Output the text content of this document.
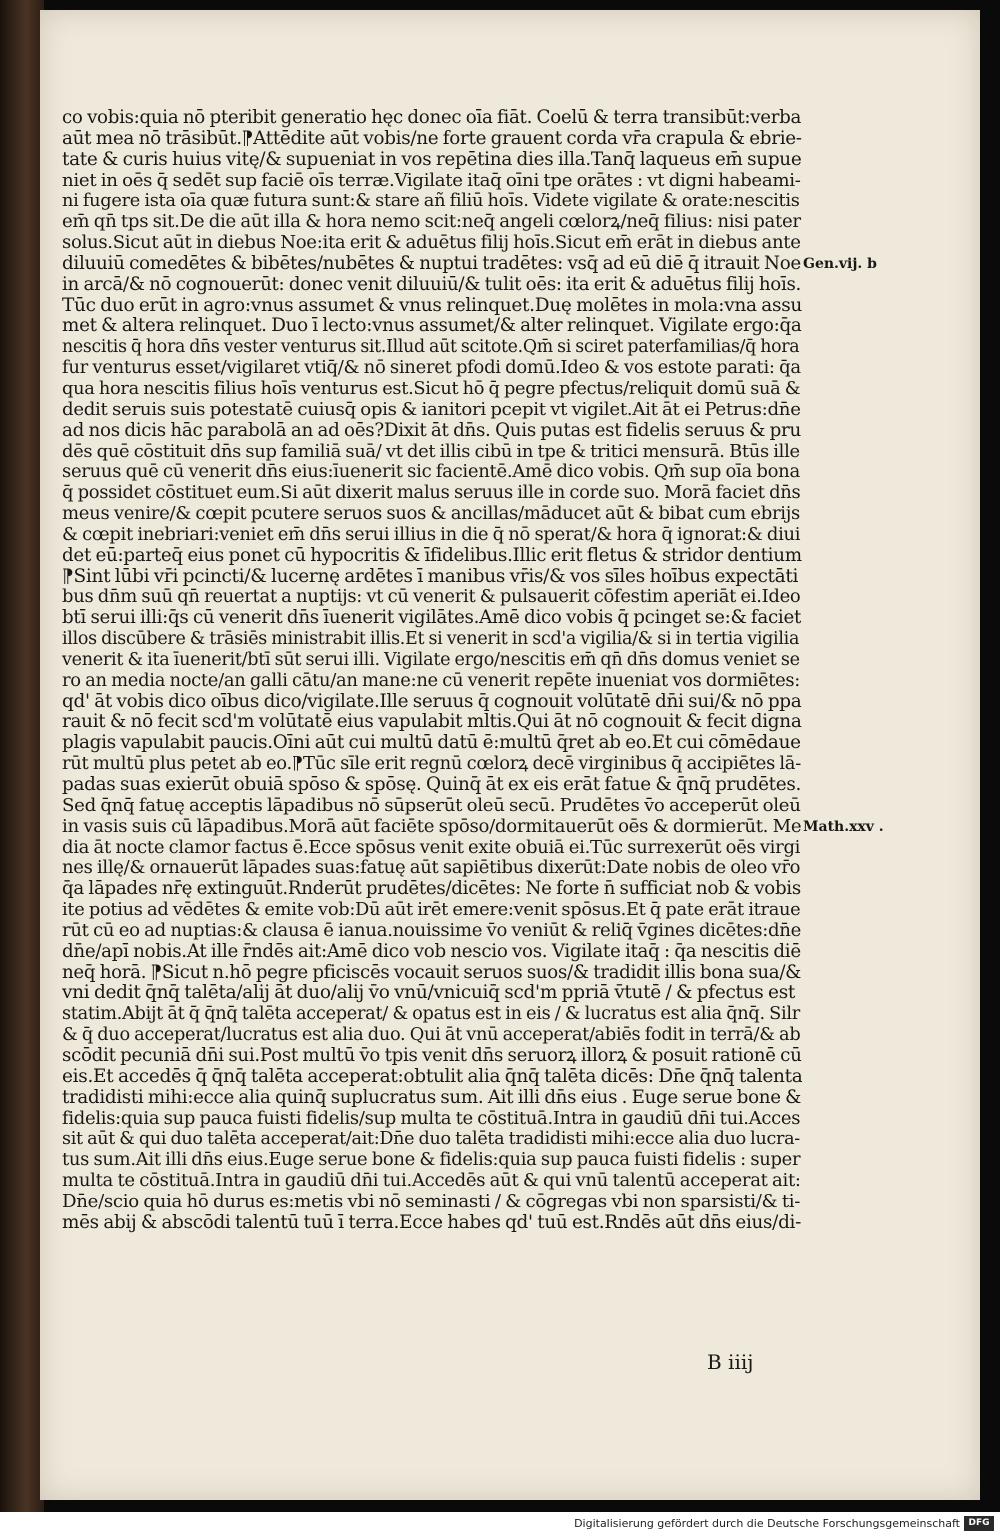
co vobis:quia nō pteribit generatio hęc donec oīa fiāt. Coelū & terra transibūt:verba
aūt mea nō trāsibūt.⁋Attēdite aūt vobis/ne forte grauent corda vr̄a crapula & ebrie-
tate & curis huius vitę/& supueniat in vos repētina dies illa.Tanq̄ laqueus em̄ supue
niet in oēs q̄ sedēt sup faciē oīs terræ.Vigilate itaq̄ oīni tpe orātes : vt digni habeami-
ni fugere ista oīa quæ futura sunt:& stare añ filiū hoīs. Videte vigilate & orate:nescitis
em̄ qn̄ tps sit.De die aūt illa & hora nemo scit:neq̄ angeli cœlorꝝ/neq̄ filius: nisi pater
solus.Sicut aūt in diebus Noe:ita erit & aduētus filij hoīs.Sicut em̄ erāt in diebus ante
diluuiū comedētes & bibētes/nubētes & nuptui tradētes: vsq̄ ad eū diē q̄ itrauit Noe
in arcā/& nō cognouerūt: donec venit diluuiū/& tulit oēs: ita erit & aduētus filij hoīs.
Tūc duo erūt in agro:vnus assumet & vnus relinquet.Duę molētes in mola:vna assu
met & altera relinquet. Duo ī lecto:vnus assumet/& alter relinquet. Vigilate ergo:q̄a
nescitis q̄ hora dn̄s vester venturus sit.Illud aūt scitote.Qm̄ si sciret paterfamilias/q̄ hora
fur venturus esset/vigilaret vtiq̄/& nō sineret pfodi domū.Ideo & vos estote parati: q̄a
qua hora nescitis filius hoīs venturus est.Sicut hō q̄ pegre pfectus/reliquit domū suā &
dedit seruis suis potestatē cuiusq̄ opis & ianitori pcepit vt vigilet.Ait āt ei Petrus:dn̄e
ad nos dicis hāc parabolā an ad oēs?Dixit āt dn̄s. Quis putas est fidelis seruus & pru
dēs quē cōstituit dn̄s sup familiā suā/ vt det illis cibū in tpe & tritici mensurā. Btūs ille
seruus quē cū venerit dn̄s eius:īuenerit sic facientē.Amē dico vobis. Qm̄ sup oīa bona
q̄ possidet cōstituet eum.Si aūt dixerit malus seruus ille in corde suo. Morā faciet dn̄s
meus venire/& cœpit pcutere seruos suos & ancillas/māducet aūt & bibat cum ebrijs
& cœpit inebriari:veniet em̄ dn̄s serui illius in die q̄ nō sperat/& hora q̄ ignorat:& diui
det eū:parteq̄ eius ponet cū hypocritis & īfidelibus.Illic erit fletus & stridor dentium
⁋Sint lūbi vr̄i pcincti/& lucernę ardētes ī manibus vr̄is/& vos sīles hoībus expectāti
bus dn̄m suū qn̄ reuertat a nuptijs: vt cū venerit & pulsauerit cōfestim aperiāt ei.Ideo
btī serui illi:q̄s cū venerit dn̄s īuenerit vigilātes.Amē dico vobis q̄ pcinget se:& faciet
illos discūbere & trāsiēs ministrabit illis.Et si venerit in scd'a vigilia/& si in tertia vigilia
venerit & ita īuenerit/btī sūt serui illi. Vigilate ergo/nescitis em̄ qn̄ dn̄s domus veniet se
ro an media nocte/an galli cātu/an mane:ne cū venerit repēte inueniat vos dormiētes:
qd' āt vobis dico oībus dico/vigilate.Ille seruus q̄ cognouit volūtatē dn̄i sui/& nō ppa
rauit & nō fecit scd'm volūtatē eius vapulabit mltis.Qui āt nō cognouit & fecit digna
plagis vapulabit paucis.Oīni aūt cui multū datū ē:multū q̄ret ab eo.Et cui cōmēdaue
rūt multū plus petet ab eo.⁋Tūc sīle erit regnū cœlorꝝ decē virginibus q̄ accipiētes lā-
padas suas exierūt obuiā spōso & spōsę. Quinq̄ āt ex eis erāt fatue & q̄nq̄ prudētes.
Sed q̄nq̄ fatuę acceptis lāpadibus nō sūpserūt oleū secū. Prudētes v̄o acceperūt oleū
in vasis suis cū lāpadibus.Morā aūt faciēte spōso/dormitauerūt oēs & dormierūt. Me
dia āt nocte clamor factus ē.Ecce spōsus venit exite obuiā ei.Tūc surrexerūt oēs virgi
nes illę/& ornauerūt lāpades suas:fatuę aūt sapiētibus dixerūt:Date nobis de oleo vr̄o
q̄a lāpades nr̄ę extinguūt.R̄nderūt prudētes/dicētes: Ne forte n̄ sufficiat nob̄ & vobis
ite potius ad vēdētes & emite vob̄:Dū aūt irēt emere:venit spōsus.Et q̄ pate erāt itraue
rūt cū eo ad nuptias:& clausa ē ianua.nouissime v̄o veniūt & reliq̄ v̄gines dicētes:dn̄e
dn̄e/apī nobis.At ille r̄ndēs ait:Amē dico vob̄ nescio vos. Vigilate itaq̄ : q̄a nescitis diē
neq̄ horā. ⁋Sicut n.hō pegre pficiscēs vocauit seruos suos/& tradidit illis bona sua/&
vni dedit q̄nq̄ talēta/alij āt duo/alij v̄o vnū/vnicuiq̄ scd'm ppriā v̄tutē / & pfectus est
statim.Abijt āt q̄ q̄nq̄ talēta acceperat/ & opatus est in eis / & lucratus est alia q̄nq̄. Sil̄r
& q̄ duo acceperat/lucratus est alia duo. Qui āt vnū acceperat/abiēs fodit in terrā/& ab
scōdit pecuniā dn̄i sui.Post multū v̄o tpis venit dn̄s seruorꝝ illorꝝ & posuit rationē cū
eis.Et accedēs q̄ q̄nq̄ talēta acceperat:obtulit alia q̄nq̄ talēta dicēs: Dn̄e q̄nq̄ talenta
tradidisti mihi:ecce alia quinq̄ suplucratus sum. Ait illi dn̄s eius . Euge serue bone &
fidelis:quia sup pauca fuisti fidelis/sup multa te cōstituā.Intra in gaudiū dn̄i tui.Acces
sit aūt & qui duo talēta acceperat/ait:Dn̄e duo talēta tradidisti mihi:ecce alia duo lucra-
tus sum.Ait illi dn̄s eius.Euge serue bone & fidelis:quia sup pauca fuisti fidelis : super
multa te cōstituā.Intra in gaudiū dn̄i tui.Accedēs aūt & qui vnū talentū acceperat ait:
Dn̄e/scio quia hō durus es:metis vbi nō seminasti / & cōgregas vbi non sparsisti/& ti-
mēs abij & abscōdi talentū tuū ī terra.Ecce habes qd' tuū est.R̄ndēs aūt dn̄s eius/di-
Gen.vij. b
Math.xxv .
B iiij
Digitalisierung gefördert durch die Deutsche Forschungsgemeinschaft DFG
